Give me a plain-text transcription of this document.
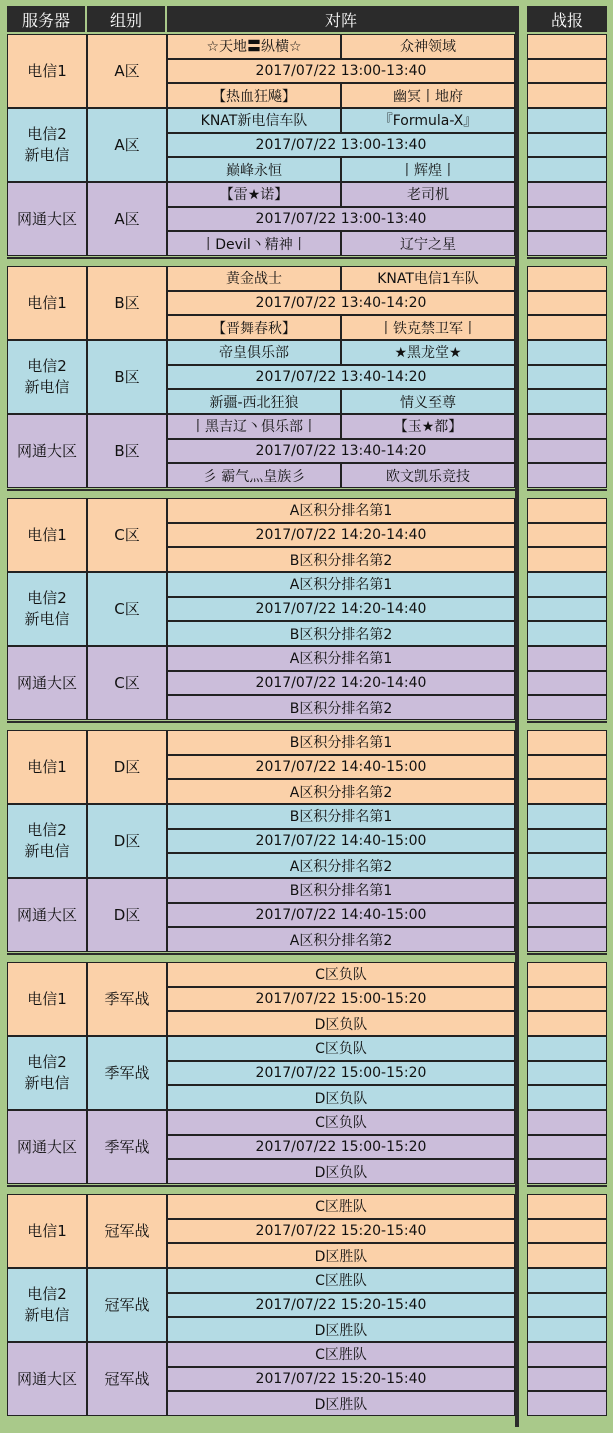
服务器	组别	对阵	战报
电信1	A区
☆天地〓纵横☆	众神领域
2017/07/22 13:00-13:40
【热血狂飚】	幽冥丨地府
电信2
新电信
A区
KNAT新电信车队	『Formula-X』
2017/07/22 13:00-13:40
巅峰永恒	丨辉煌丨
网通大区	A区
【雷★诺】	老司机
2017/07/22 13:00-13:40
丨Devil丶精神丨	辽宁之星
电信1	B区
黄金战士	KNAT电信1车队
2017/07/22 13:40-14:20
【晋舞春秋】	丨铁克禁卫军丨
电信2
新电信
B区
帝皇俱乐部	★黑龙堂★
2017/07/22 13:40-14:20
新疆-西北狂狼	情义至尊
网通大区	B区
丨黑吉辽丶俱乐部丨	【玉★都】
2017/07/22 13:40-14:20
彡 霸气灬皇族彡	欧文凯乐竞技
电信1	C区
A区积分排名第1
2017/07/22 14:20-14:40
B区积分排名第2
电信2
新电信
C区
A区积分排名第1
2017/07/22 14:20-14:40
B区积分排名第2
网通大区	C区
A区积分排名第1
2017/07/22 14:20-14:40
B区积分排名第2
电信1	D区
B区积分排名第1
2017/07/22 14:40-15:00
A区积分排名第2
电信2
新电信
D区
B区积分排名第1
2017/07/22 14:40-15:00
A区积分排名第2
网通大区	D区
B区积分排名第1
2017/07/22 14:40-15:00
A区积分排名第2
电信1	季军战
C区负队
2017/07/22 15:00-15:20
D区负队
电信2
新电信
季军战
C区负队
2017/07/22 15:00-15:20
D区负队
网通大区	季军战
C区负队
2017/07/22 15:00-15:20
D区负队
电信1	冠军战
C区胜队
2017/07/22 15:20-15:40
D区胜队
电信2
新电信
冠军战
C区胜队
2017/07/22 15:20-15:40
D区胜队
网通大区	冠军战
C区胜队
2017/07/22 15:20-15:40
D区胜队
